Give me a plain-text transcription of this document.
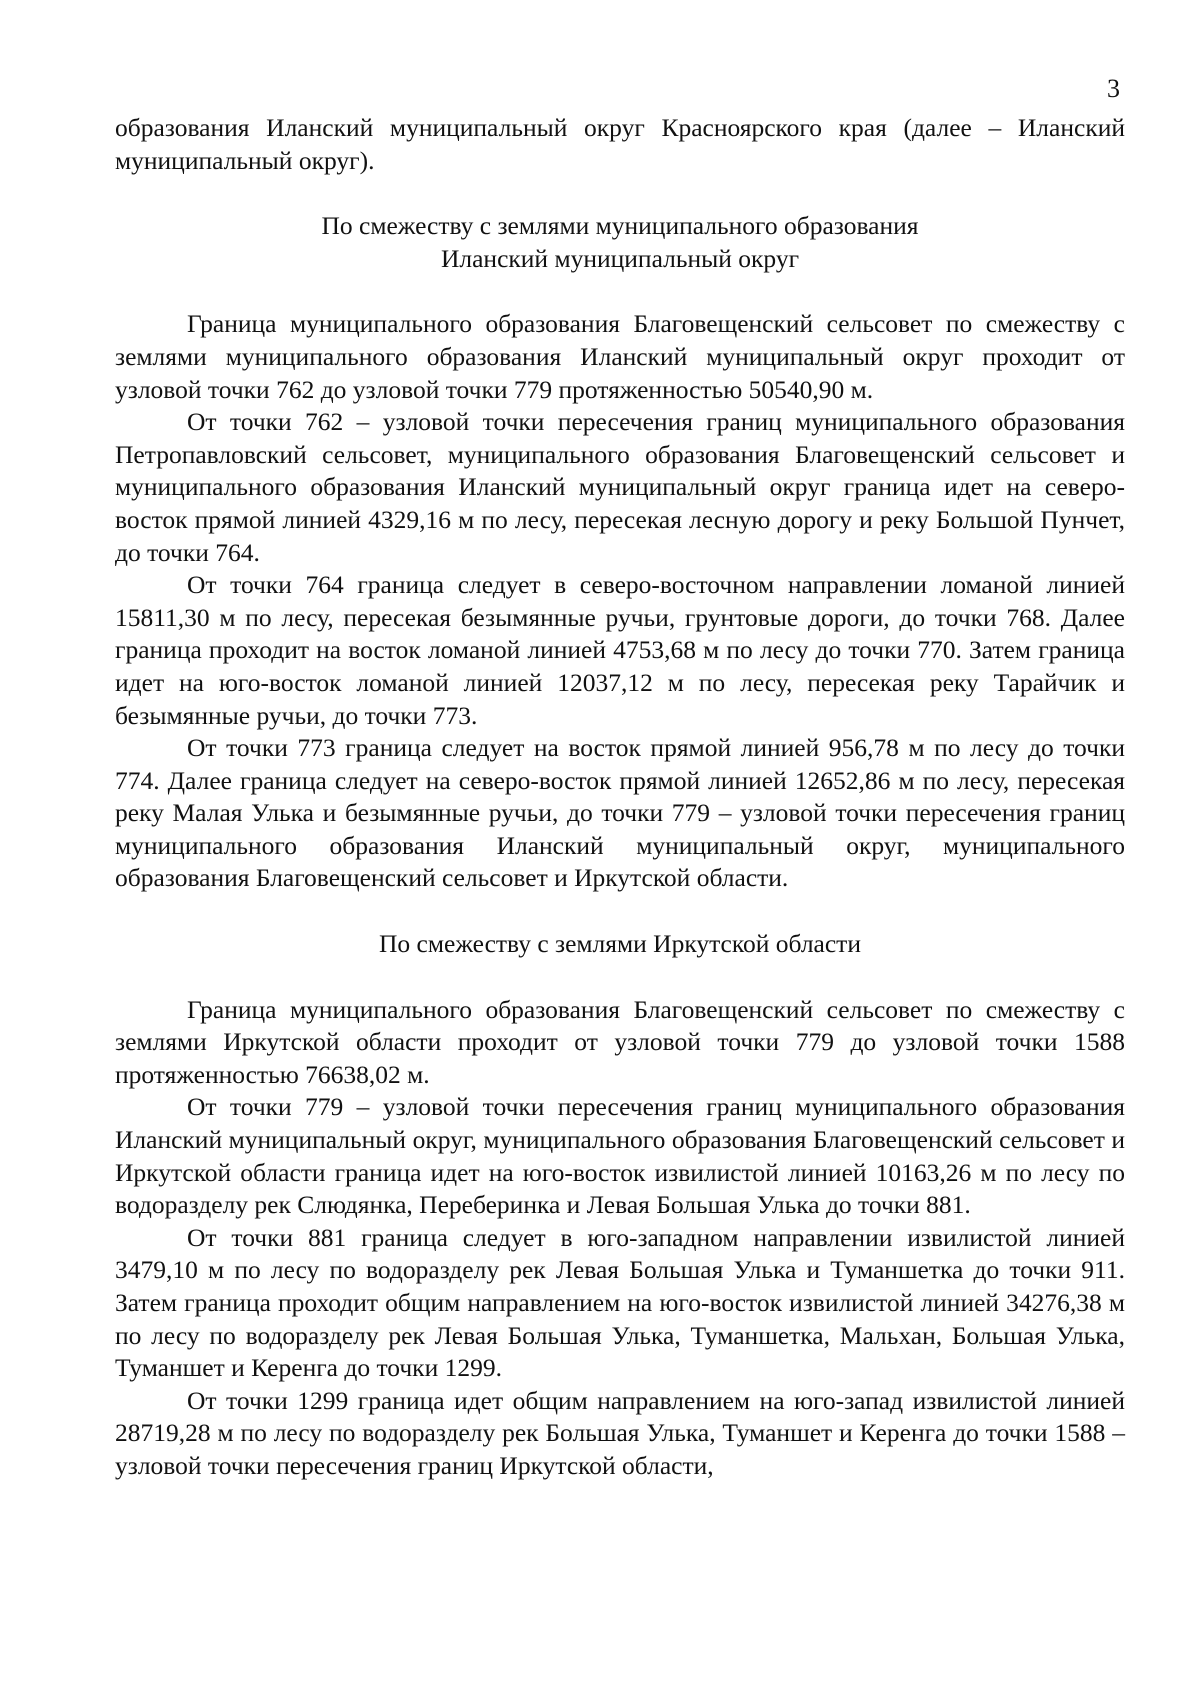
3

образования Иланский муниципальный округ Красноярского края (далее – Иланский муниципальный округ).

По смежеству с землями муниципального образования
Иланский муниципальный округ

Граница муниципального образования Благовещенский сельсовет по смежеству с землями муниципального образования Иланский муниципальный округ проходит от узловой точки 762 до узловой точки 779 протяженностью 50540,90 м.

От точки 762 – узловой точки пересечения границ муниципального образования Петропавловский сельсовет, муниципального образования Благовещенский сельсовет и муниципального образования Иланский муниципальный округ граница идет на северо-восток прямой линией 4329,16 м по лесу, пересекая лесную дорогу и реку Большой Пунчет, до точки 764.

От точки 764 граница следует в северо-восточном направлении ломаной линией 15811,30 м по лесу, пересекая безымянные ручьи, грунтовые дороги, до точки 768. Далее граница проходит на восток ломаной линией 4753,68 м по лесу до точки 770. Затем граница идет на юго-восток ломаной линией 12037,12 м по лесу, пересекая реку Тарайчик и безымянные ручьи, до точки 773.

От точки 773 граница следует на восток прямой линией 956,78 м по лесу до точки 774. Далее граница следует на северо-восток прямой линией 12652,86 м по лесу, пересекая реку Малая Улька и безымянные ручьи, до точки 779 – узловой точки пересечения границ муниципального образования Иланский муниципальный округ, муниципального образования Благовещенский сельсовет и Иркутской области.

По смежеству с землями Иркутской области

Граница муниципального образования Благовещенский сельсовет по смежеству с землями Иркутской области проходит от узловой точки 779 до узловой точки 1588 протяженностью 76638,02 м.

От точки 779 – узловой точки пересечения границ муниципального образования Иланский муниципальный округ, муниципального образования Благовещенский сельсовет и Иркутской области граница идет на юго-восток извилистой линией 10163,26 м по лесу по водоразделу рек Слюдянка, Переберинка и Левая Большая Улька до точки 881.

От точки 881 граница следует в юго-западном направлении извилистой линией 3479,10 м по лесу по водоразделу рек Левая Большая Улька и Туманшетка до точки 911. Затем граница проходит общим направлением на юго-восток извилистой линией 34276,38 м по лесу по водоразделу рек Левая Большая Улька, Туманшетка, Мальхан, Большая Улька, Туманшет и Керенга до точки 1299.

От точки 1299 граница идет общим направлением на юго-запад извилистой линией 28719,28 м по лесу по водоразделу рек Большая Улька, Туманшет и Керенга до точки 1588 – узловой точки пересечения границ Иркутской области,
